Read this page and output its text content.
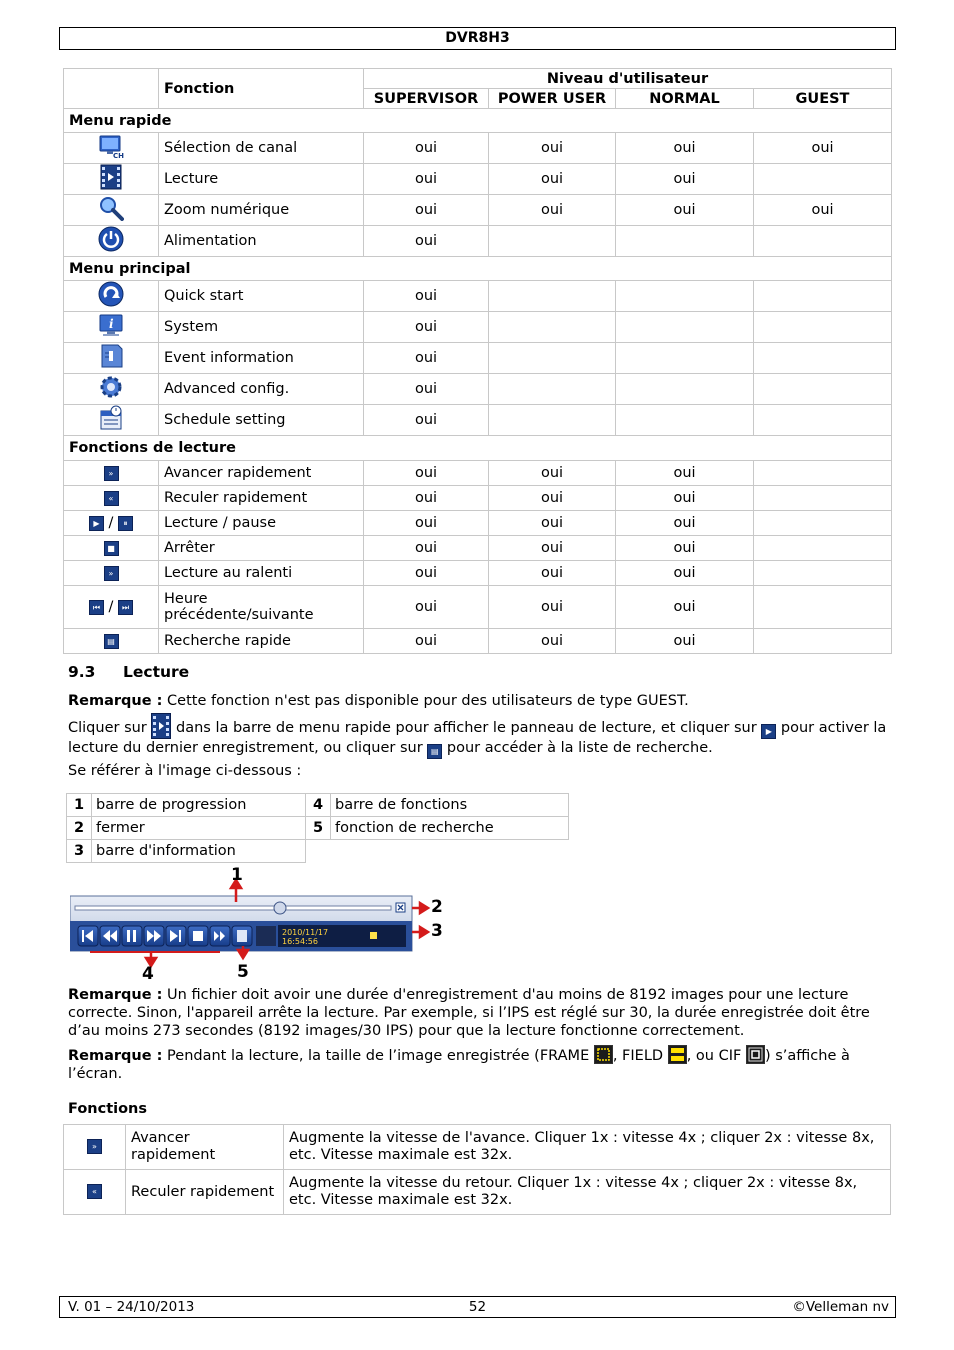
DVR8H3
	Fonction	Niveau d'utilisateur			
		SUPERVISOR	POWER USER	NORMAL	GUEST
Menu rapide					

CH	Sélection de canal	oui	oui	oui	oui
	Lecture	oui	oui	oui	
	Zoom numérique	oui	oui	oui	oui
	Alimentation	oui			
Menu principal					
	Quick start	oui			

i	System	oui			
	Event information	oui			
	Advanced config.	oui			
	Schedule setting	oui			
Fonctions de lecture					
»	Avancer rapidement	oui	oui	oui	
«	Reculer rapidement	oui	oui	oui	
▶ / ⏸	Lecture / pause	oui	oui	oui	
■	Arrêter	oui	oui	oui	
»	Lecture au ralenti	oui	oui	oui	
⏮ / ⏭	Heure précédente/suivante	oui	oui	oui	
▤	Recherche rapide	oui	oui	oui	
9.3 Lecture
Remarque : Cette fonction n'est pas disponible pour des utilisateurs de type GUEST.
Cliquer sur  dans la barre de menu rapide pour afficher le panneau de lecture, et cliquer sur ▶ pour activer la lecture du dernier enregistrement, ou cliquer sur ▤ pour accéder à la liste de recherche.
Se référer à l'image ci-dessous :
1	barre de progression	4	barre de fonctions
2	fermer	5	fonction de recherche
3	barre d'information		
2010/11/17
16:54:56
1
2
3
4	5
Remarque : Un fichier doit avoir une durée d'enregistrement d'au moins de 8192 images pour une lecture correcte. Sinon, l'appareil arrête la lecture. Par exemple, si l’IPS est réglé sur 30, la durée enregistrée doit être d’au moins 273 secondes (8192 images/30 IPS) pour que la lecture fonctionne correctement.
Remarque : Pendant la lecture, la taille de l’image enregistrée (FRAME , FIELD , ou CIF ) s’affiche à l’écran.
Fonctions
»	Avancer rapidement	Augmente la vitesse de l'avance. Cliquer 1x : vitesse 4x ; cliquer 2x : vitesse 8x, etc. Vitesse maximale est 32x.
«	Reculer rapidement	Augmente la vitesse du retour. Cliquer 1x : vitesse 4x ; cliquer 2x : vitesse 8x, etc. Vitesse maximale est 32x.
V. 01 – 24/10/2013	52	©Velleman nv
